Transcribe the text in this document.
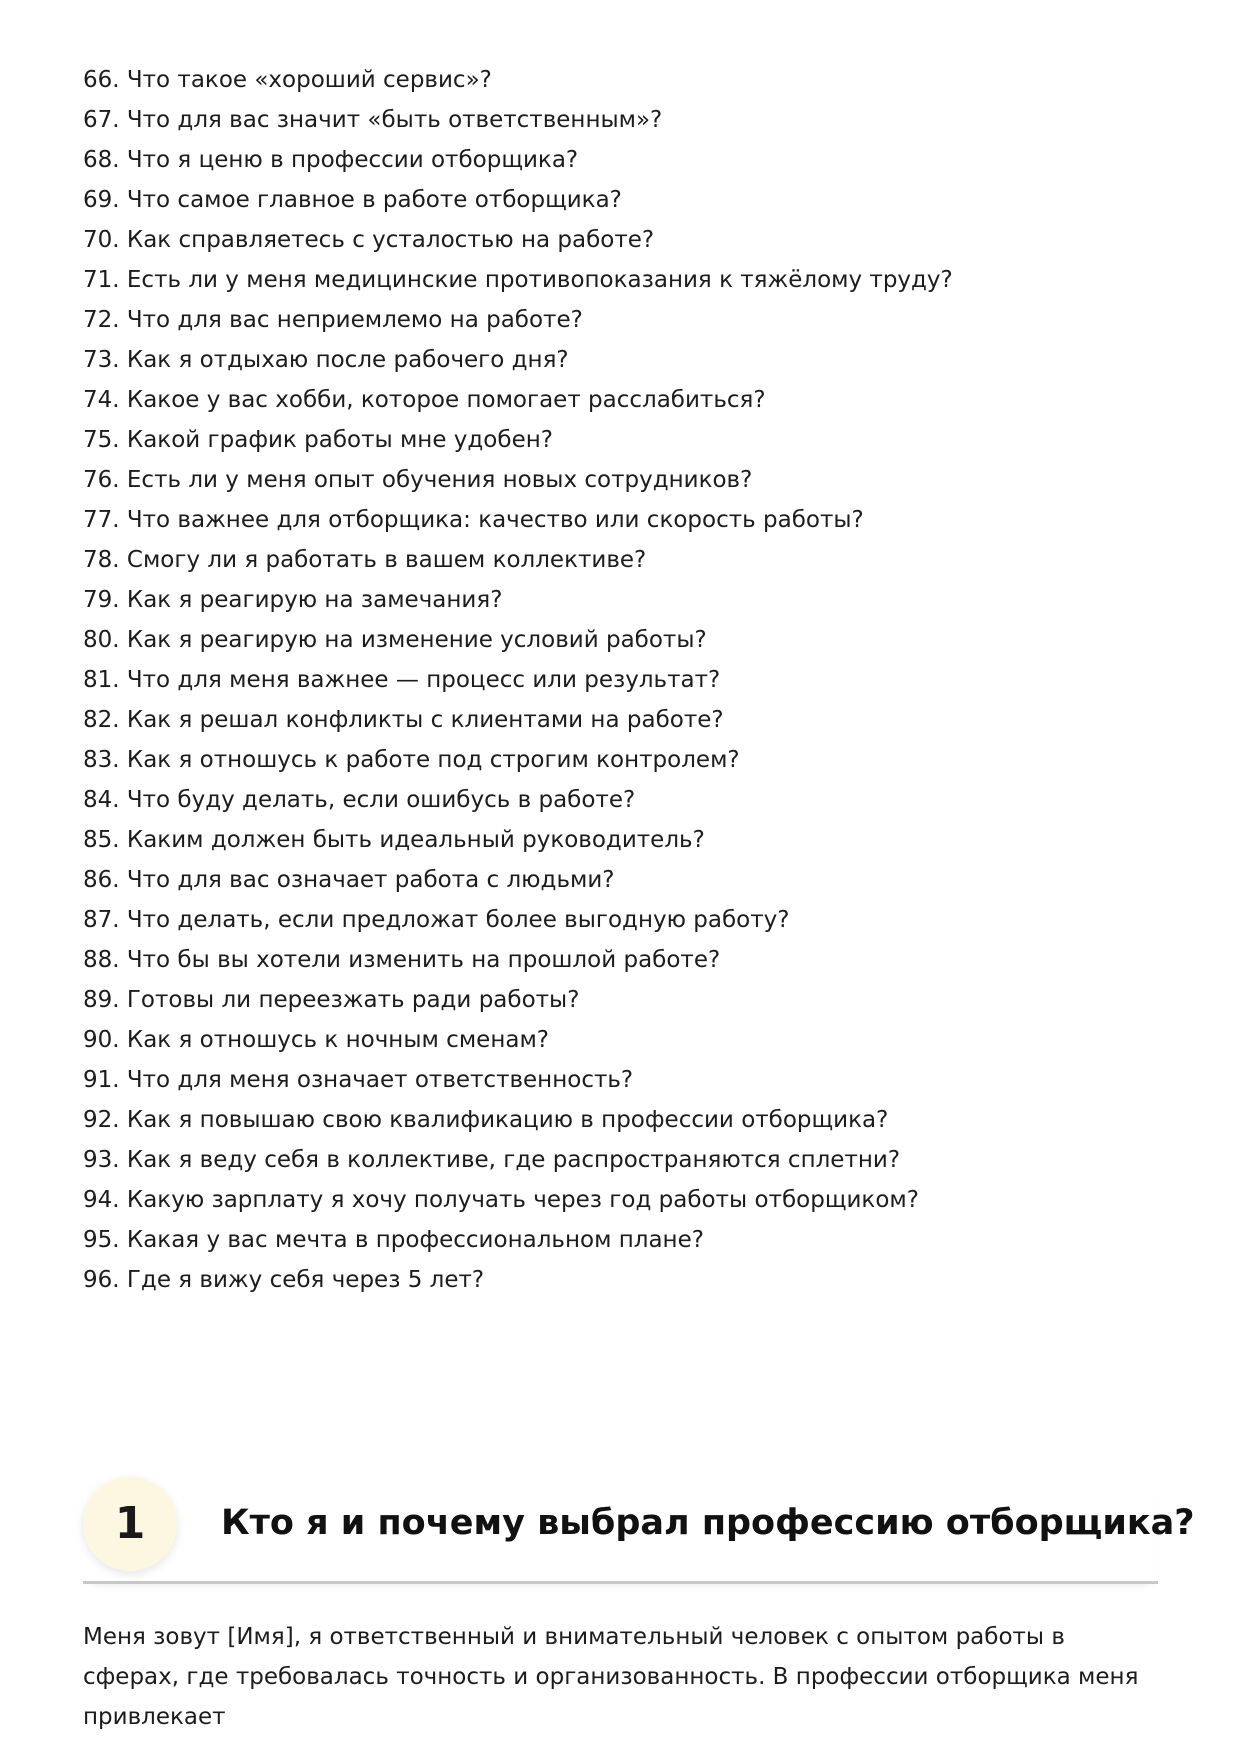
66. Что такое «хороший сервис»?
67. Что для вас значит «быть ответственным»?
68. Что я ценю в профессии отборщика?
69. Что самое главное в работе отборщика?
70. Как справляетесь с усталостью на работе?
71. Есть ли у меня медицинские противопоказания к тяжёлому труду?
72. Что для вас неприемлемо на работе?
73. Как я отдыхаю после рабочего дня?
74. Какое у вас хобби, которое помогает расслабиться?
75. Какой график работы мне удобен?
76. Есть ли у меня опыт обучения новых сотрудников?
77. Что важнее для отборщика: качество или скорость работы?
78. Смогу ли я работать в вашем коллективе?
79. Как я реагирую на замечания?
80. Как я реагирую на изменение условий работы?
81. Что для меня важнее — процесс или результат?
82. Как я решал конфликты с клиентами на работе?
83. Как я отношусь к работе под строгим контролем?
84. Что буду делать, если ошибусь в работе?
85. Каким должен быть идеальный руководитель?
86. Что для вас означает работа с людьми?
87. Что делать, если предложат более выгодную работу?
88. Что бы вы хотели изменить на прошлой работе?
89. Готовы ли переезжать ради работы?
90. Как я отношусь к ночным сменам?
91. Что для меня означает ответственность?
92. Как я повышаю свою квалификацию в профессии отборщика?
93. Как я веду себя в коллективе, где распространяются сплетни?
94. Какую зарплату я хочу получать через год работы отборщиком?
95. Какая у вас мечта в профессиональном плане?
96. Где я вижу себя через 5 лет?
1	Кто я и почему выбрал профессию отборщика?

Меня зовут [Имя], я ответственный и внимательный человек с опытом работы в сферах, где требовалась точность и организованность. В профессии отборщика меня привлекает
